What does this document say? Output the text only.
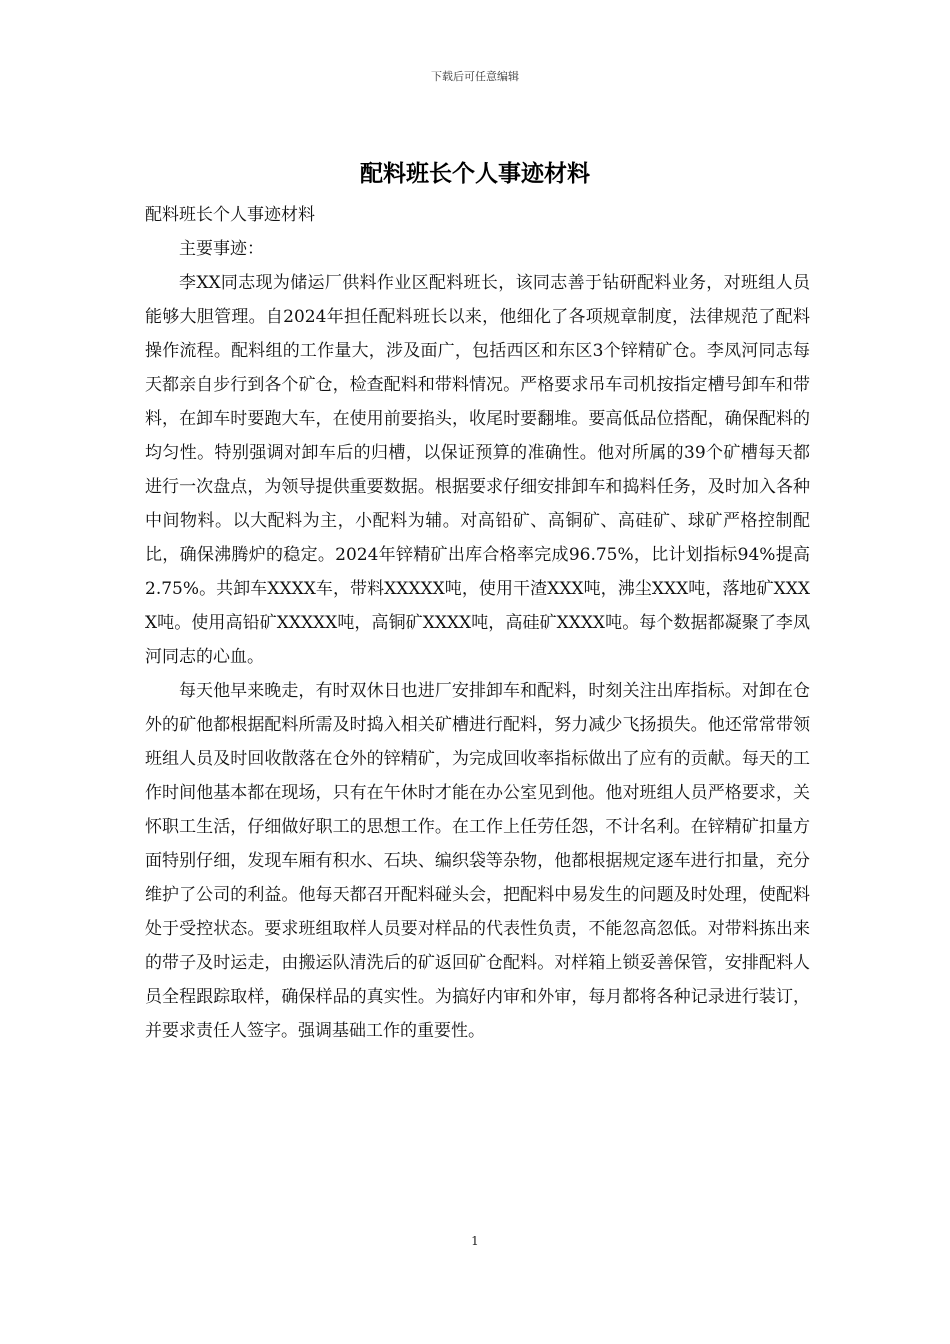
下载后可任意编辑
配料班长个人事迹材料

配料班长个人事迹材料

主要事迹：

李XX同志现为储运厂供料作业区配料班长，该同志善于钻研配料业务，对班组人员能够大胆管理。自2024年担任配料班长以来，他细化了各项规章制度，法律规范了配料操作流程。配料组的工作量大，涉及面广，包括西区和东区3个锌精矿仓。李凤河同志每天都亲自步行到各个矿仓，检查配料和带料情况。严格要求吊车司机按指定槽号卸车和带料，在卸车时要跑大车，在使用前要掐头，收尾时要翻堆。要高低品位搭配，确保配料的均匀性。特别强调对卸车后的归槽，以保证预算的准确性。他对所属的39个矿槽每天都进行一次盘点，为领导提供重要数据。根据要求仔细安排卸车和捣料任务，及时加入各种中间物料。以大配料为主，小配料为辅。对高铅矿、高铜矿、高硅矿、球矿严格控制配比，确保沸腾炉的稳定。2024年锌精矿出库合格率完成96.75%，比计划指标94%提高2.75%。共卸车XXXX车，带料XXXXX吨，使用干渣XXX吨，沸尘XXX吨，落地矿XXXX吨。使用高铅矿XXXXX吨，高铜矿XXXX吨，高硅矿XXXX吨。每个数据都凝聚了李凤河同志的心血。

每天他早来晚走，有时双休日也进厂安排卸车和配料，时刻关注出库指标。对卸在仓外的矿他都根据配料所需及时捣入相关矿槽进行配料，努力减少飞扬损失。他还常常带领班组人员及时回收散落在仓外的锌精矿，为完成回收率指标做出了应有的贡献。每天的工作时间他基本都在现场，只有在午休时才能在办公室见到他。他对班组人员严格要求，关怀职工生活，仔细做好职工的思想工作。在工作上任劳任怨，不计名利。在锌精矿扣量方面特别仔细，发现车厢有积水、石块、编织袋等杂物，他都根据规定逐车进行扣量，充分维护了公司的利益。他每天都召开配料碰头会，把配料中易发生的问题及时处理，使配料处于受控状态。要求班组取样人员要对样品的代表性负责，不能忽高忽低。对带料拣出来的带子及时运走，由搬运队清洗后的矿返回矿仓配料。对样箱上锁妥善保管，安排配料人员全程跟踪取样，确保样品的真实性。为搞好内审和外审，每月都将各种记录进行装订，并要求责任人签字。强调基础工作的重要性。

1
